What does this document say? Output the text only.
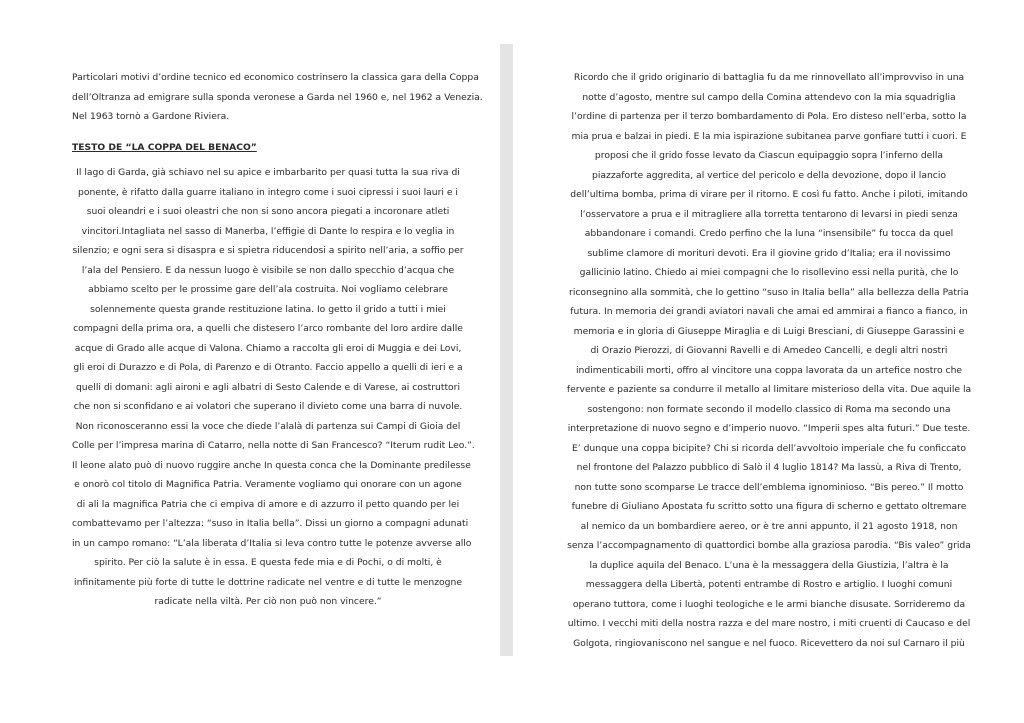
Particolari motivi d’ordine tecnico ed economico costrinsero la classica gara della Coppa
dell’Oltranza ad emigrare sulla sponda veronese a Garda nel 1960 e, nel 1962 a Venezia.
Nel 1963 tornò a Gardone Riviera.
TESTO DE “LA COPPA DEL BENACO”
Il lago di Garda, già schiavo nel su apice e imbarbarito per quasi tutta la sua riva di
ponente, è rifatto dalla guarre italiano in integro come i suoi cipressi i suoi lauri e i
suoi oleandri e i suoi oleastri che non si sono ancora piegati a incoronare atleti
vincitori.Intagliata nel sasso di Manerba, l’effigie di Dante lo respira e lo veglia in
silenzio; e ogni sera si disaspra e si spietra riducendosi a spirito nell’aria, a soffio per
l’ala del Pensiero. E da nessun luogo è visibile se non dallo specchio d’acqua che
abbiamo scelto per le prossime gare dell’ala costruita. Noi vogliamo celebrare
solennemente questa grande restituzione latina. Io getto il grido a tutti i miei
compagni della prima ora, a quelli che distesero l’arco rombante del loro ardire dalle
acque di Grado alle acque di Valona. Chiamo a raccolta gli eroi di Muggia e dei Lovi,
gli eroi di Durazzo e di Pola, di Parenzo e di Otranto. Faccio appello a quelli di ieri e a
quelli di domani: agli aironi e agli albatri di Sesto Calende e di Varese, ai costruttori
che non si sconfidano e ai volatori che superano il divieto come una barra di nuvole.
Non riconosceranno essi la voce che diede l’alalà di partenza sui Campi di Gioia del
Colle per l’impresa marina di Catarro, nella notte di San Francesco? “Iterum rudit Leo.”.
Il leone alato può di nuovo ruggire anche In questa conca che la Dominante predilesse
e onorò col titolo di Magnifica Patria. Veramente vogliamo qui onorare con un agone
di ali la magnifica Patria che ci empiva di amore e di azzurro il petto quando per lei
combattevamo per l’altezza: “suso in Italia bella”. Dissi un giorno a compagni adunati
in un campo romano: “L’ala liberata d’Italia si leva contro tutte le potenze avverse allo
spirito. Per ciò la salute è in essa. E questa fede mia e di Pochi, o di molti, è
infinitamente più forte di tutte le dottrine radicate nel ventre e di tutte le menzogne
radicate nella viltà. Per ciò non può non vincere.”
Ricordo che il grido originario di battaglia fu da me rinnovellato all’improvviso in una
notte d’agosto, mentre sul campo della Comina attendevo con la mia squadriglia
l’ordine di partenza per il terzo bombardamento di Pola. Ero disteso nell’erba, sotto la
mia prua e balzai in piedi. E la mia ispirazione subitanea parve gonfiare tutti i cuori. E
proposi che il grido fosse levato da Ciascun equipaggio sopra l’inferno della
piazzaforte aggredita, al vertice del pericolo e della devozione, dopo il lancio
dell’ultima bomba, prima di virare per il ritorno. E così fu fatto. Anche i piloti, imitando
l’osservatore a prua e il mitragliere alla torretta tentarono di levarsi in piedi senza
abbandonare i comandi. Credo perfino che la luna “insensibile” fu tocca da quel
sublime clamore di morituri devoti. Era il giovine grido d’Italia; era il novissimo
gallicinio latino. Chiedo ai miei compagni che lo risollevino essi nella purità, che lo
riconsegnino alla sommità, che lo gettino “suso in Italia bella” alla bellezza della Patria
futura. In memoria dei grandi aviatori navali che amai ed ammirai a fianco a fianco, in
memoria e in gloria di Giuseppe Miraglia e di Luigi Bresciani, di Giuseppe Garassini e
di Orazio Pierozzi, di Giovanni Ravelli e di Amedeo Cancelli, e degli altri nostri
indimenticabili morti, offro al vincitore una coppa lavorata da un artefice nostro che
fervente e paziente sa condurre il metallo al limitare misterioso della vita. Due aquile la
sostengono: non formate secondo il modello classico di Roma ma secondo una
interpretazione di nuovo segno e d’imperio nuovo. “Imperii spes alta futuri.” Due teste.
E’ dunque una coppa bicipite? Chi si ricorda dell’avvoltoio imperiale che fu conficcato
nel frontone del Palazzo pubblico di Salò il 4 luglio 1814? Ma lassù, a Riva di Trento,
non tutte sono scomparse Le tracce dell’emblema ignominioso. “Bis pereo.” Il motto
funebre di Giuliano Apostata fu scritto sotto una figura di scherno e gettato oltremare
al nemico da un bombardiere aereo, or è tre anni appunto, il 21 agosto 1918, non
senza l’accompagnamento di quattordici bombe alla graziosa parodia. “Bis valeo” grida
la duplice aquila del Benaco. L’una è la messaggera della Giustizia, l’altra è la
messaggera della Libertà, potenti entrambe di Rostro e artiglio. I luoghi comuni
operano tuttora, come i luoghi teologiche e le armi bianche disusate. Sorrideremo da
ultimo. I vecchi miti della nostra razza e del mare nostro, i miti cruenti di Caucaso e del
Golgota, ringiovaniscono nel sangue e nel fuoco. Ricevettero da noi sul Carnaro il più
